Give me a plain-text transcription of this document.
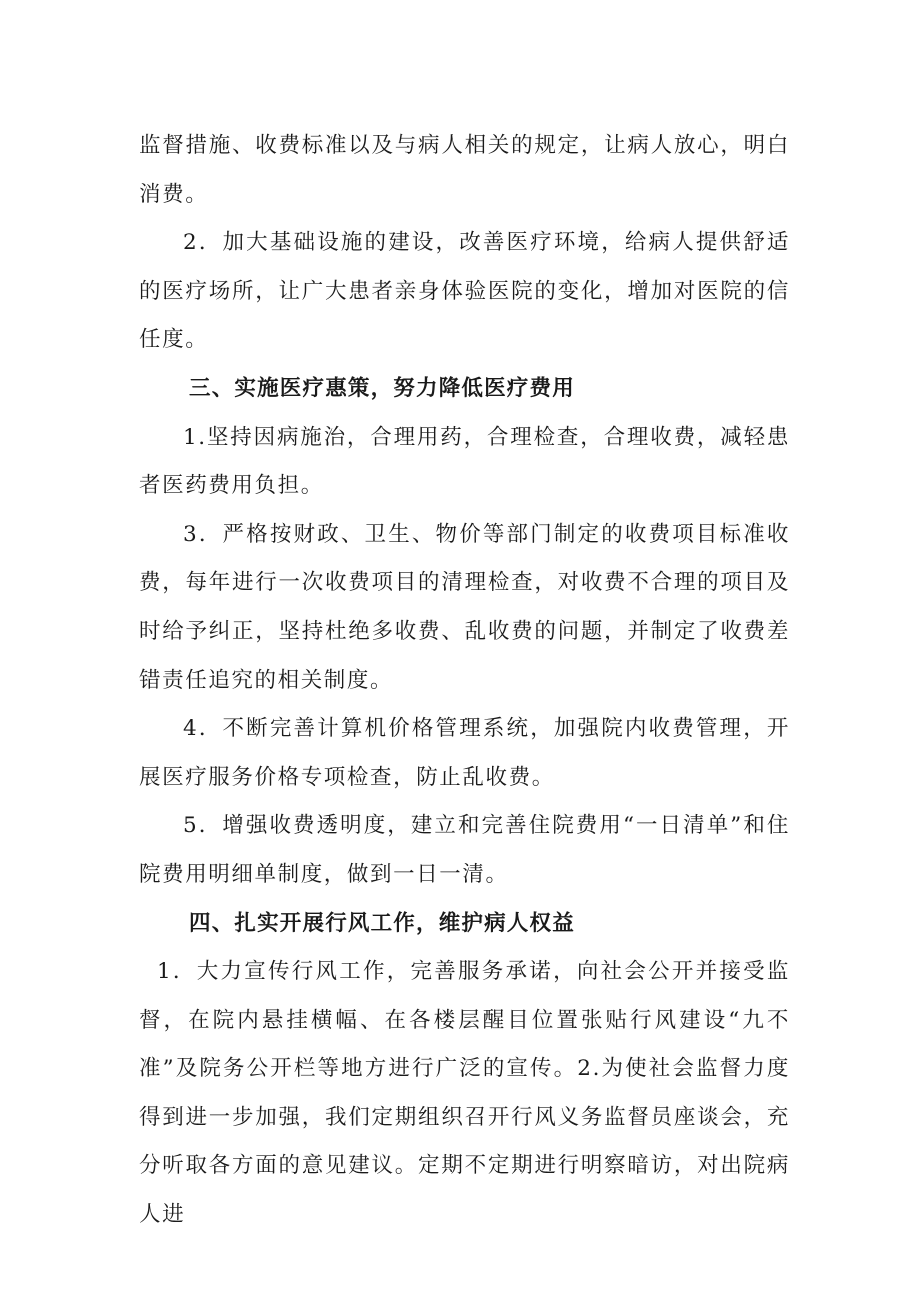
监督措施、收费标准以及与病人相关的规定，让病人放心，明白消费。

2．加大基础设施的建设，改善医疗环境，给病人提供舒适的医疗场所，让广大患者亲身体验医院的变化，增加对医院的信任度。

三、实施医疗惠策，努力降低医疗费用

1.坚持因病施治，合理用药，合理检查，合理收费，减轻患者医药费用负担。

3．严格按财政、卫生、物价等部门制定的收费项目标准收费，每年进行一次收费项目的清理检查，对收费不合理的项目及时给予纠正，坚持杜绝多收费、乱收费的问题，并制定了收费差错责任追究的相关制度。

4．不断完善计算机价格管理系统，加强院内收费管理，开展医疗服务价格专项检查，防止乱收费。

5．增强收费透明度，建立和完善住院费用“一日清单”和住院费用明细单制度，做到一日一清。

四、扎实开展行风工作，维护病人权益

1．大力宣传行风工作，完善服务承诺，向社会公开并接受监督，在院内悬挂横幅、在各楼层醒目位置张贴行风建设“九不准”及院务公开栏等地方进行广泛的宣传。2.为使社会监督力度得到进一步加强，我们定期组织召开行风义务监督员座谈会，充分听取各方面的意见建议。定期不定期进行明察暗访，对出院病人进
